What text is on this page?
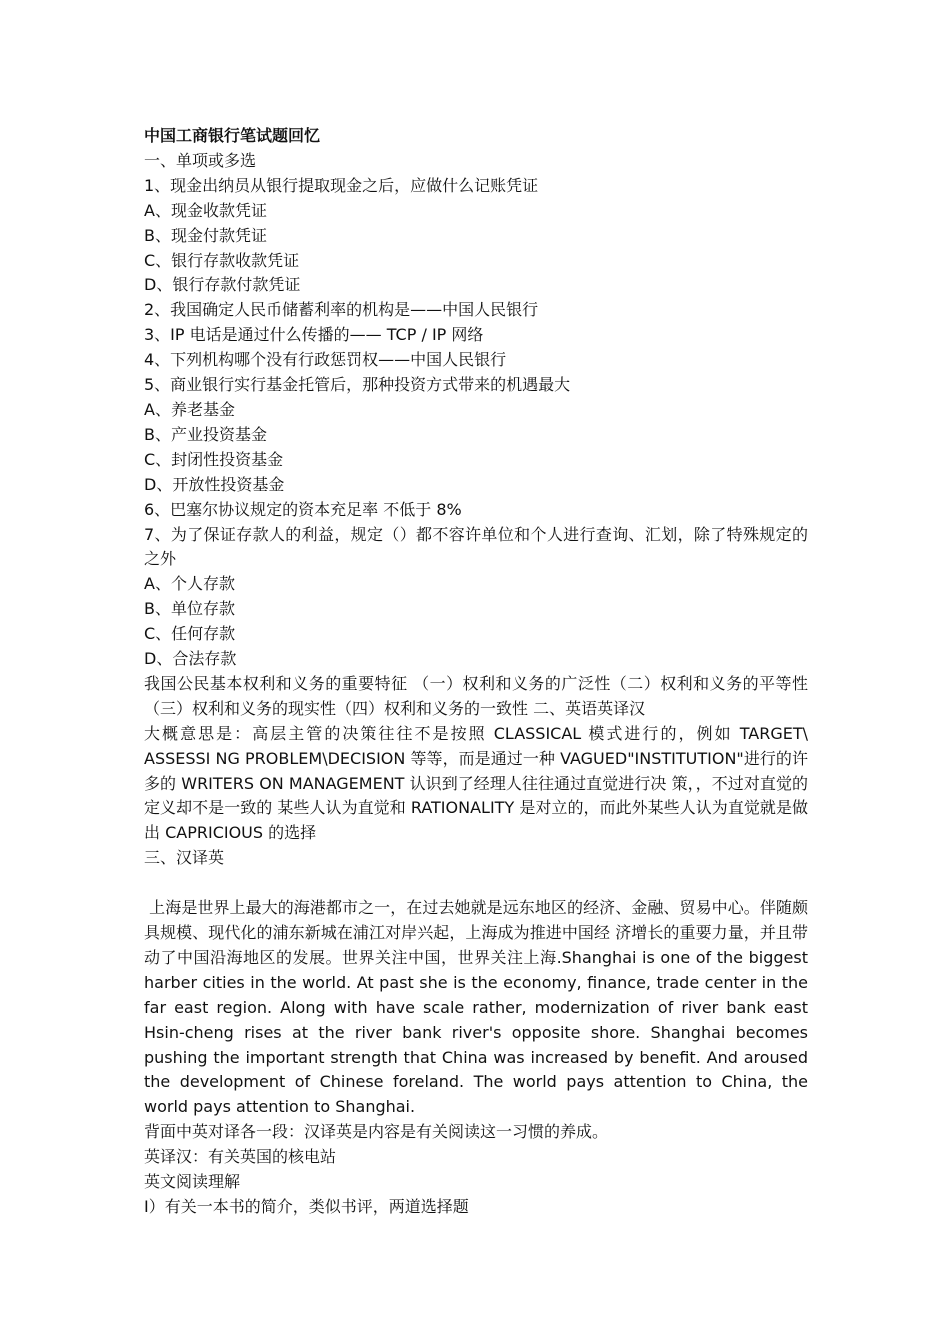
中国工商银行笔试题回忆
一、单项或多选
1、现金出纳员从银行提取现金之后，应做什么记账凭证
A、现金收款凭证
B、现金付款凭证
C、银行存款收款凭证
D、银行存款付款凭证
2、我国确定人民币储蓄利率的机构是——中国人民银行
3、IP 电话是通过什么传播的—— TCP / IP 网络
4、下列机构哪个没有行政惩罚权——中国人民银行
5、商业银行实行基金托管后，那种投资方式带来的机遇最大
A、养老基金
B、产业投资基金
C、封闭性投资基金
D、开放性投资基金
6、巴塞尔协议规定的资本充足率 不低于 8%
7、为了保证存款人的利益，规定（）都不容许单位和个人进行查询、汇划，除了特殊规定的之外
A、个人存款
B、单位存款
C、任何存款
D、合法存款
我国公民基本权利和义务的重要特征 （一）权利和义务的广泛性（二）权利和义务的平等性 （三）权利和义务的现实性（四）权利和义务的一致性 二、英语英译汉
大概意思是：高层主管的决策往往不是按照 CLASSICAL 模式进行的，例如 TARGET\ ASSESSI NG PROBLEM\DECISION 等等，而是通过一种 VAGUED"INSTITUTION"进行的许多的 WRITERS ON MANAGEMENT 认识到了经理人往往通过直觉进行决 策，，不过对直觉的 定义却不是一致的 某些人认为直觉和 RATIONALITY 是对立的，而此外某些人认为直觉就是做出 CAPRICIOUS 的选择
三、汉译英
上海是世界上最大的海港都市之一，在过去她就是远东地区的经济、金融、贸易中心。伴随颇具规模、现代化的浦东新城在浦江对岸兴起，上海成为推进中国经 济增长的重要力量，并且带动了中国沿海地区的发展。世界关注中国，世界关注上海.Shanghai is one of the biggest harber cities in the world. At past she is the economy, finance, trade center in the far east region. Along with have scale rather, modernization of river bank east Hsin-cheng rises at the river bank river's opposite shore. Shanghai becomes pushing the important strength that China was increased by benefit. And aroused the development of Chinese foreland. The world pays attention to China, the world pays attention to Shanghai.
背面中英对译各一段：汉译英是内容是有关阅读这一习惯的养成。
英译汉：有关英国的核电站
英文阅读理解
I）有关一本书的简介，类似书评，两道选择题
